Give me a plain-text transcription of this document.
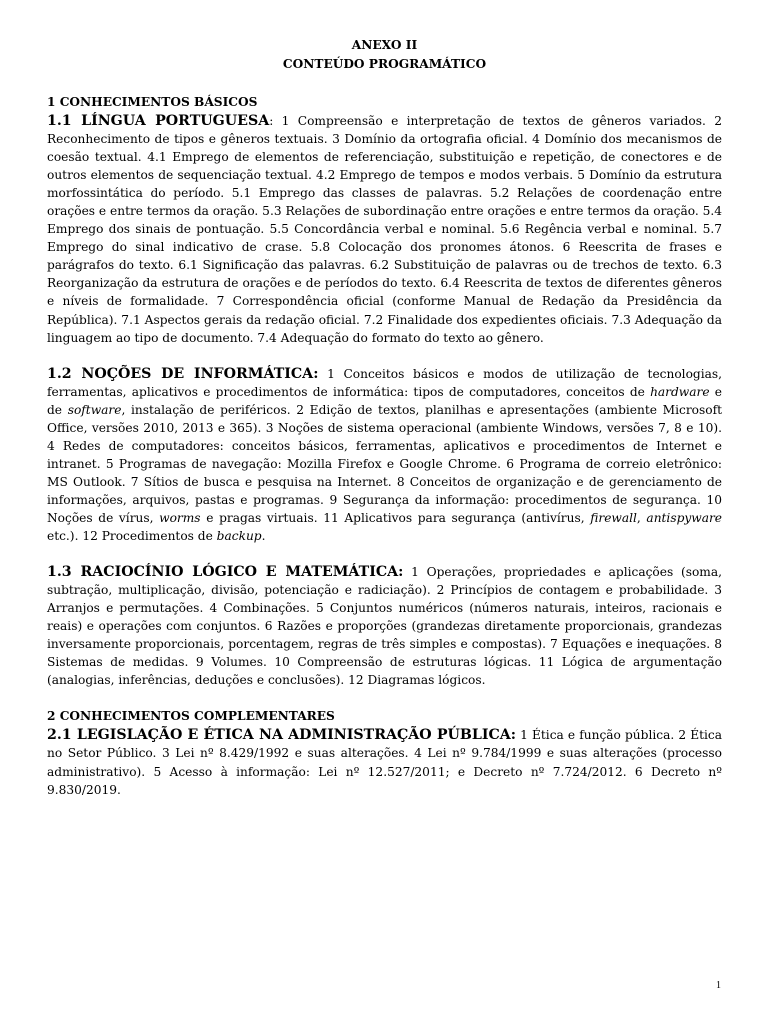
ANEXO II
CONTEÚDO PROGRAMÁTICO

1 CONHECIMENTOS BÁSICOS

1.1 LÍNGUA PORTUGUESA: 1 Compreensão e interpretação de textos de gêneros variados. 2 Reconhecimento de tipos e gêneros textuais. 3 Domínio da ortografia oficial. 4 Domínio dos mecanismos de coesão textual. 4.1 Emprego de elementos de referenciação, substituição e repetição, de conectores e de outros elementos de sequenciação textual. 4.2 Emprego de tempos e modos verbais. 5 Domínio da estrutura morfossintática do período. 5.1 Emprego das classes de palavras. 5.2 Relações de coordenação entre orações e entre termos da oração. 5.3 Relações de subordinação entre orações e entre termos da oração. 5.4 Emprego dos sinais de pontuação. 5.5 Concordância verbal e nominal. 5.6 Regência verbal e nominal. 5.7 Emprego do sinal indicativo de crase. 5.8 Colocação dos pronomes átonos. 6 Reescrita de frases e parágrafos do texto. 6.1 Significação das palavras. 6.2 Substituição de palavras ou de trechos de texto. 6.3 Reorganização da estrutura de orações e de períodos do texto. 6.4 Reescrita de textos de diferentes gêneros e níveis de formalidade. 7 Correspondência oficial (conforme Manual de Redação da Presidência da República). 7.1 Aspectos gerais da redação oficial. 7.2 Finalidade dos expedientes oficiais. 7.3 Adequação da linguagem ao tipo de documento. 7.4 Adequação do formato do texto ao gênero.

1.2 NOÇÕES DE INFORMÁTICA: 1 Conceitos básicos e modos de utilização de tecnologias, ferramentas, aplicativos e procedimentos de informática: tipos de computadores, conceitos de hardware e de software, instalação de periféricos. 2 Edição de textos, planilhas e apresentações (ambiente Microsoft Office, versões 2010, 2013 e 365). 3 Noções de sistema operacional (ambiente Windows, versões 7, 8 e 10). 4 Redes de computadores: conceitos básicos, ferramentas, aplicativos e procedimentos de Internet e intranet. 5 Programas de navegação: Mozilla Firefox e Google Chrome. 6 Programa de correio eletrônico: MS Outlook. 7 Sítios de busca e pesquisa na Internet. 8 Conceitos de organização e de gerenciamento de informações, arquivos, pastas e programas. 9 Segurança da informação: procedimentos de segurança. 10 Noções de vírus, worms e pragas virtuais. 11 Aplicativos para segurança (antivírus, firewall, antispyware etc.). 12 Procedimentos de backup.

1.3 RACIOCÍNIO LÓGICO E MATEMÁTICA: 1 Operações, propriedades e aplicações (soma, subtração, multiplicação, divisão, potenciação e radiciação). 2 Princípios de contagem e probabilidade. 3 Arranjos e permutações. 4 Combinações. 5 Conjuntos numéricos (números naturais, inteiros, racionais e reais) e operações com conjuntos. 6 Razões e proporções (grandezas diretamente proporcionais, grandezas inversamente proporcionais, porcentagem, regras de três simples e compostas). 7 Equações e inequações. 8 Sistemas de medidas. 9 Volumes. 10 Compreensão de estruturas lógicas. 11 Lógica de argumentação (analogias, inferências, deduções e conclusões). 12 Diagramas lógicos.

2 CONHECIMENTOS COMPLEMENTARES

2.1 LEGISLAÇÃO E ÉTICA NA ADMINISTRAÇÃO PÚBLICA: 1 Ética e função pública. 2 Ética no Setor Público. 3 Lei nº 8.429/1992 e suas alterações. 4 Lei nº 9.784/1999 e suas alterações (processo administrativo). 5 Acesso à informação: Lei nº 12.527/2011; e Decreto nº 7.724/2012. 6 Decreto nº 9.830/2019.

1
